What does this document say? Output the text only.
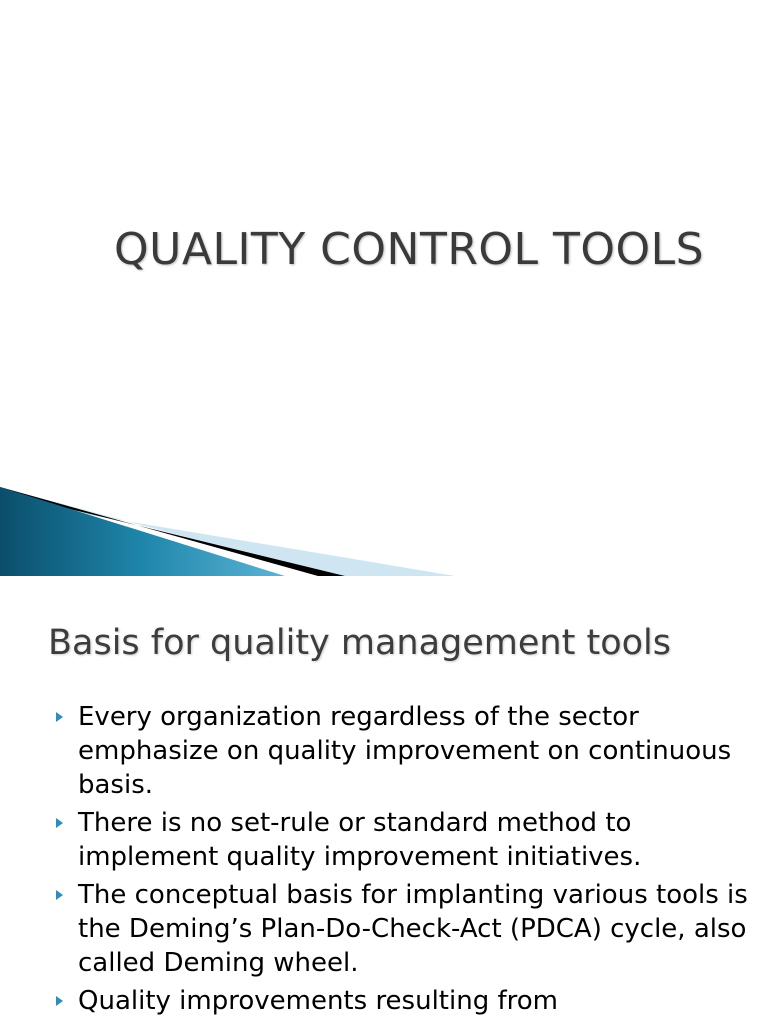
QUALITY CONTROL TOOLS
Basis for quality management tools
Every organization regardless of the sector emphasize on quality improvement on continuous basis.
There is no set-rule or standard method to implement quality improvement initiatives.
The conceptual basis for implanting various tools is the Deming’s Plan-Do-Check-Act (PDCA) cycle, also called Deming wheel.
Quality improvements resulting from
